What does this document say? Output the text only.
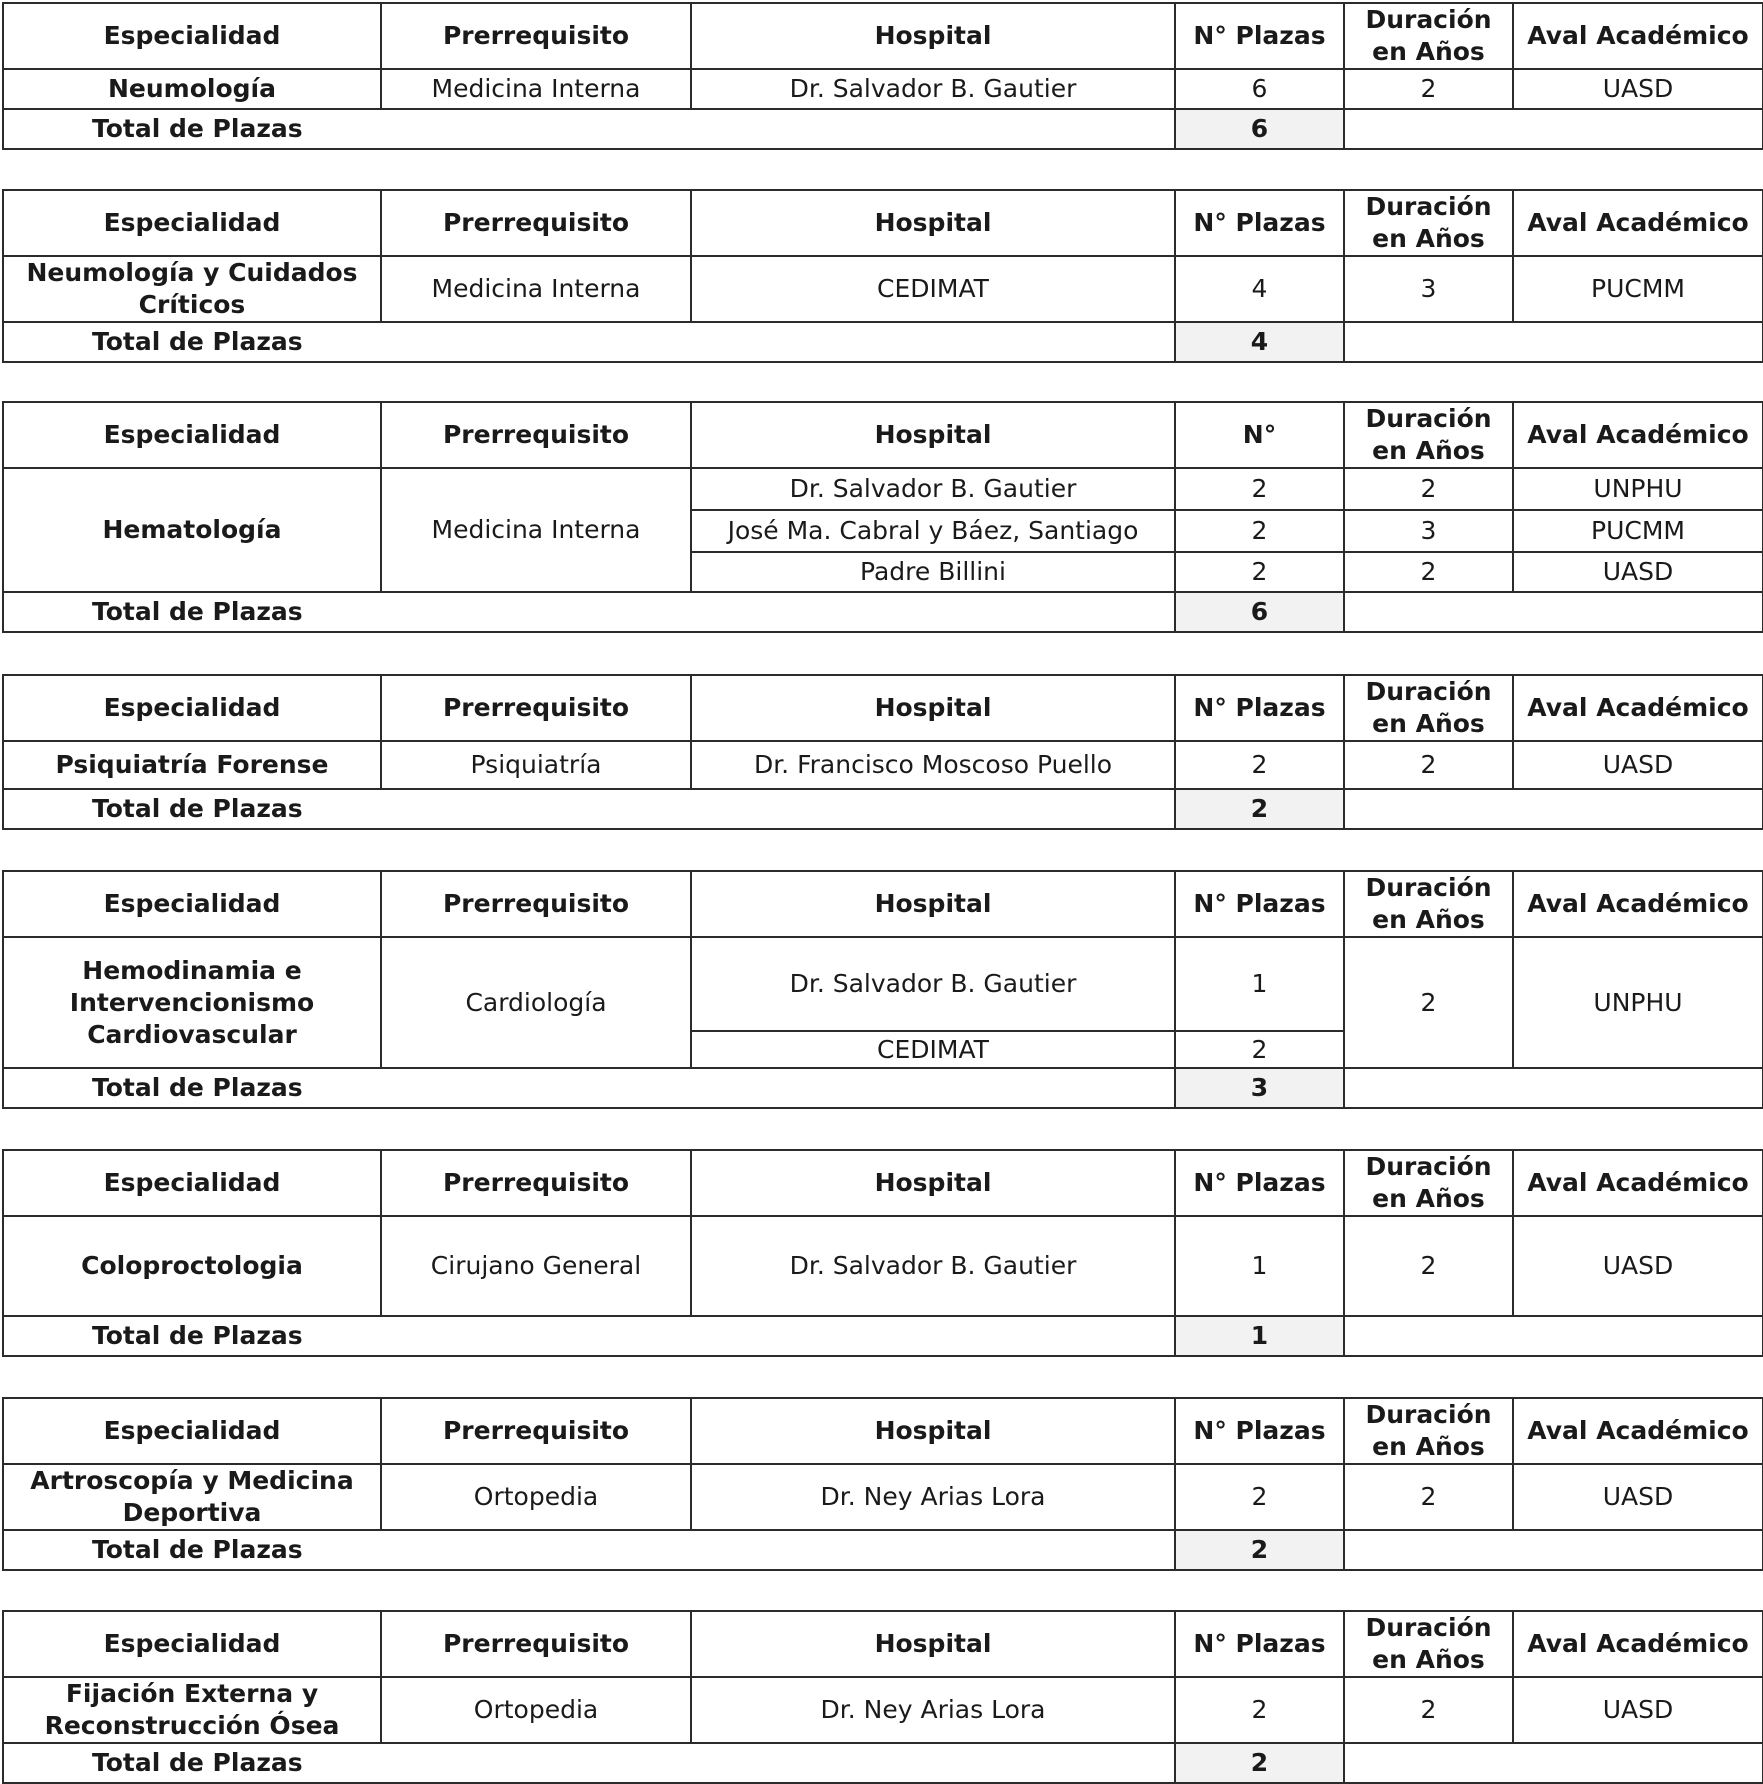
Especialidad	Prerrequisito	Hospital	N° Plazas	Duración en Años	Aval Académico
Neumología	Medicina Interna	Dr. Salvador B. Gautier	6	2	UASD
Total de Plazas			6		
Especialidad	Prerrequisito	Hospital	N° Plazas	Duración en Años	Aval Académico
Neumología y Cuidados Críticos	Medicina Interna	CEDIMAT	4	3	PUCMM
Total de Plazas			4		
Especialidad	Prerrequisito	Hospital	N°	Duración en Años	Aval Académico
Hematología	Medicina Interna	Dr. Salvador B. Gautier	2	2	UNPHU
		José Ma. Cabral y Báez, Santiago	2	3	PUCMM
		Padre Billini	2	2	UASD
Total de Plazas			6		
Especialidad	Prerrequisito	Hospital	N° Plazas	Duración en Años	Aval Académico
Psiquiatría Forense	Psiquiatría	Dr. Francisco Moscoso Puello	2	2	UASD
Total de Plazas			2		
Especialidad	Prerrequisito	Hospital	N° Plazas	Duración en Años	Aval Académico
Hemodinamia e Intervencionismo Cardiovascular	Cardiología	Dr. Salvador B. Gautier	1	2	UNPHU
		CEDIMAT	2		
Total de Plazas			3		
Especialidad	Prerrequisito	Hospital	N° Plazas	Duración en Años	Aval Académico
Coloproctologia	Cirujano General	Dr. Salvador B. Gautier	1	2	UASD
Total de Plazas			1		
Especialidad	Prerrequisito	Hospital	N° Plazas	Duración en Años	Aval Académico
Artroscopía y Medicina Deportiva	Ortopedia	Dr. Ney Arias Lora	2	2	UASD
Total de Plazas			2		
Especialidad	Prerrequisito	Hospital	N° Plazas	Duración en Años	Aval Académico
Fijación Externa y Reconstrucción Ósea	Ortopedia	Dr. Ney Arias Lora	2	2	UASD
Total de Plazas			2		
